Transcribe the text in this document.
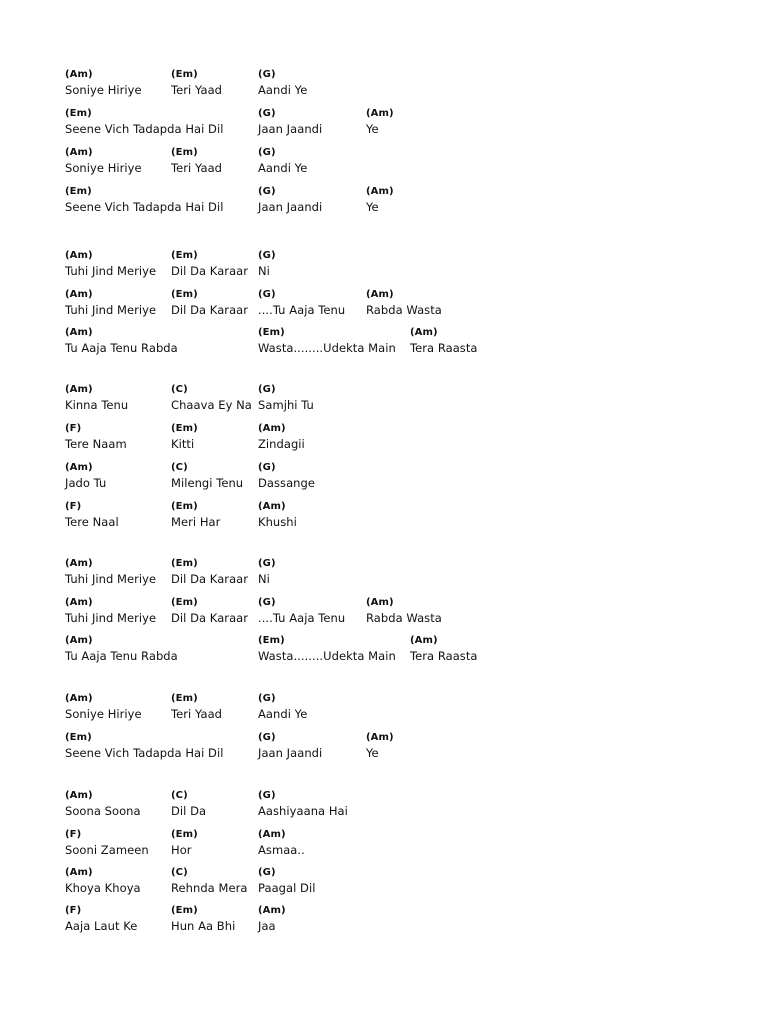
(Am)
Soniye Hiriye
(Em)
Teri Yaad
(G)
Aandi Ye
(Em)
Seene Vich Tadapda Hai Dil
(G)
Jaan Jaandi
(Am)
Ye
(Am)
Soniye Hiriye
(Em)
Teri Yaad
(G)
Aandi Ye
(Em)
Seene Vich Tadapda Hai Dil
(G)
Jaan Jaandi
(Am)
Ye
(Am)
Tuhi Jind Meriye
(Em)
Dil Da Karaar
(G)
Ni
(Am)
Tuhi Jind Meriye
(Em)
Dil Da Karaar
(G)
....Tu Aaja Tenu
(Am)
Rabda Wasta
(Am)
Tu Aaja Tenu Rabda
(Em)
Wasta........Udekta Main
(Am)
Tera Raasta
(Am)
Kinna Tenu
(C)
Chaava Ey Na
(G)
Samjhi Tu
(F)
Tere Naam
(Em)
Kitti
(Am)
Zindagii
(Am)
Jado Tu
(C)
Milengi Tenu
(G)
Dassange
(F)
Tere Naal
(Em)
Meri Har
(Am)
Khushi
(Am)
Tuhi Jind Meriye
(Em)
Dil Da Karaar
(G)
Ni
(Am)
Tuhi Jind Meriye
(Em)
Dil Da Karaar
(G)
....Tu Aaja Tenu
(Am)
Rabda Wasta
(Am)
Tu Aaja Tenu Rabda
(Em)
Wasta........Udekta Main
(Am)
Tera Raasta
(Am)
Soniye Hiriye
(Em)
Teri Yaad
(G)
Aandi Ye
(Em)
Seene Vich Tadapda Hai Dil
(G)
Jaan Jaandi
(Am)
Ye
(Am)
Soona Soona
(C)
Dil Da
(G)
Aashiyaana Hai
(F)
Sooni Zameen
(Em)
Hor
(Am)
Asmaa..
(Am)
Khoya Khoya
(C)
Rehnda Mera
(G)
Paagal Dil
(F)
Aaja Laut Ke
(Em)
Hun Aa Bhi
(Am)
Jaa
